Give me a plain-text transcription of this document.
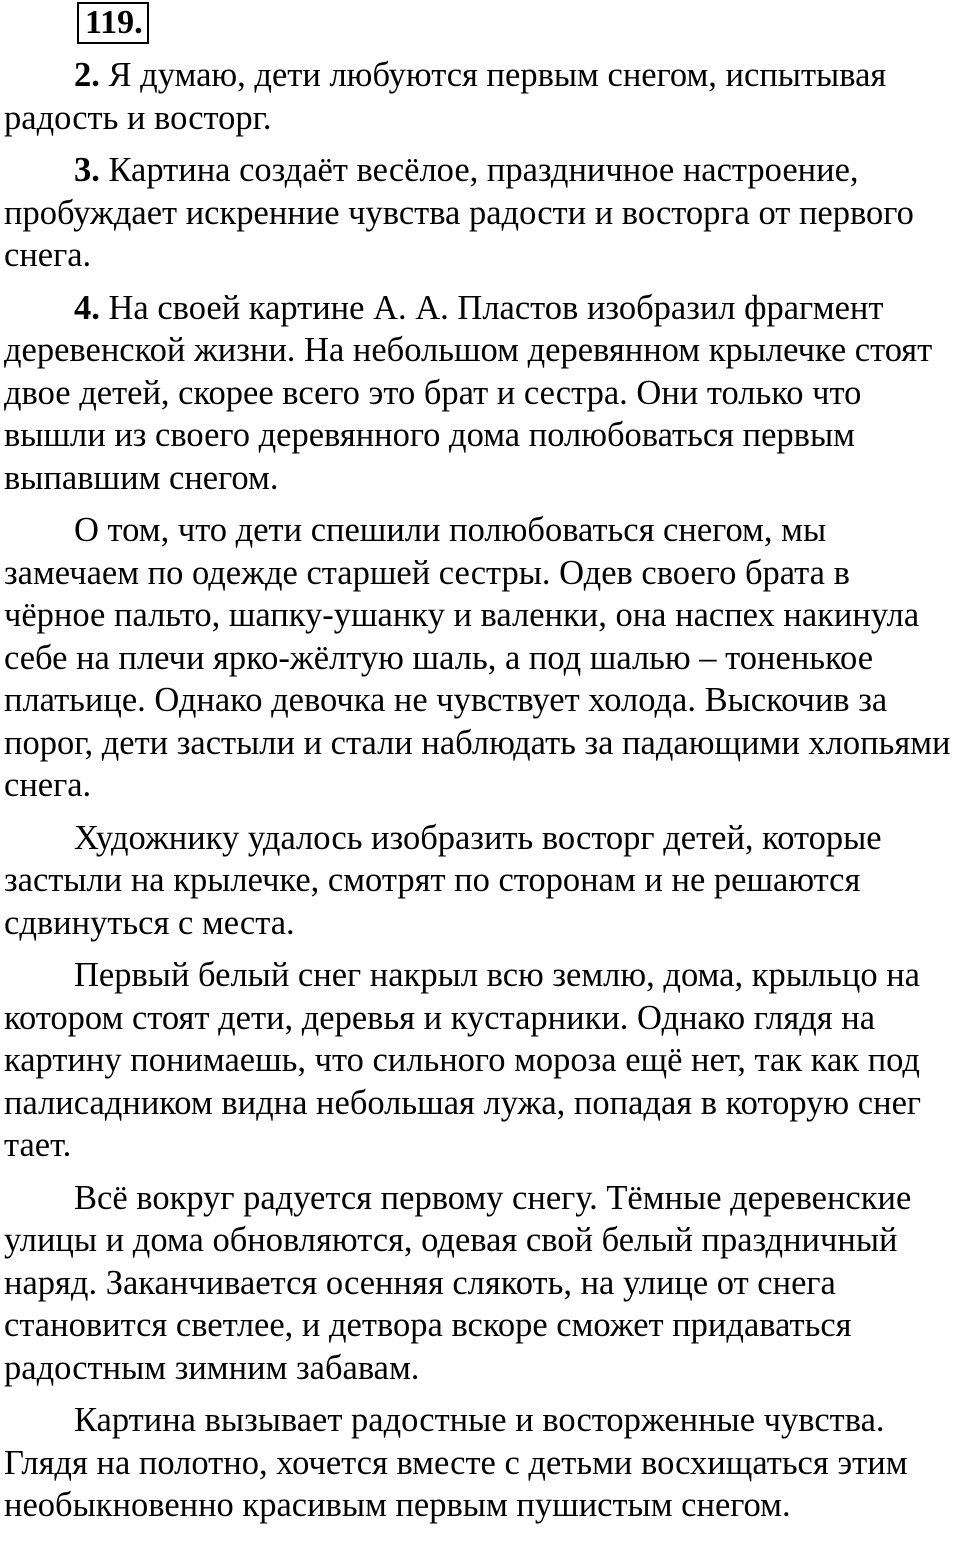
119.

2. Я думаю, дети любуются первым снегом, испытывая радость и восторг.

3. Картина создаёт весёлое, праздничное настроение, пробуждает искренние чувства радости и восторга от первого снега.

4. На своей картине А. А. Пластов изобразил фрагмент деревенской жизни. На небольшом деревянном крылечке стоят двое детей, скорее всего это брат и сестра. Они только что вышли из своего деревянного дома полюбоваться первым выпавшим снегом.

О том, что дети спешили полюбоваться снегом, мы замечаем по одежде старшей сестры. Одев своего брата в чёрное пальто, шапку-ушанку и валенки, она наспех накинула себе на плечи ярко-жёлтую шаль, а под шалью – тоненькое платьице. Однако девочка не чувствует холода. Выскочив за порог, дети застыли и стали наблюдать за падающими хлопьями снега.

Художнику удалось изобразить восторг детей, которые застыли на крылечке, смотрят по сторонам и не решаются сдвинуться с места.

Первый белый снег накрыл всю землю, дома, крыльцо на котором стоят дети, деревья и кустарники. Однако глядя на картину понимаешь, что сильного мороза ещё нет, так как под палисадником видна небольшая лужа, попадая в которую снег тает.

Всё вокруг радуется первому снегу. Тёмные деревенские улицы и дома обновляются, одевая свой белый праздничный наряд. Заканчивается осенняя слякоть, на улице от снега становится светлее, и детвора вскоре сможет придаваться радостным зимним забавам.

Картина вызывает радостные и восторженные чувства. Глядя на полотно, хочется вместе с детьми восхищаться этим необыкновенно красивым первым пушистым снегом.
